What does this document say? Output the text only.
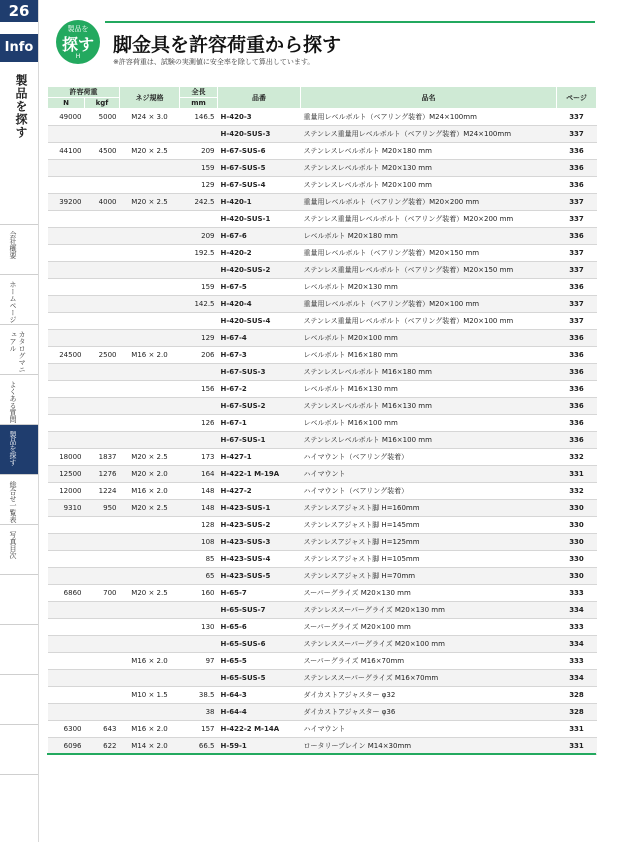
26
Info
製品を探す
会社概要
ホームページ
カタログマニュアル
よくある質問
製品を探す
総合せ一覧表
写真目次
製品を
探す
H
脚金具を許容荷重から探す
※許容荷重は、試験の実測値に安全率を除して算出しています。
許容荷重		ネジ規格	全長	品番	品名	ページ
N	kgf		mm			
49000	5000	M24 × 3.0	146.5	H-420-3	重量用レベルボルト（ベアリング装着）M24×100mm	337
				H-420-SUS-3	ステンレス重量用レベルボルト（ベアリング装着）M24×100mm	337
44100	4500	M20 × 2.5	209	H-67-SUS-6	ステンレスレベルボルト M20×180 mm	336
			159	H-67-SUS-5	ステンレスレベルボルト M20×130 mm	336
			129	H-67-SUS-4	ステンレスレベルボルト M20×100 mm	336
39200	4000	M20 × 2.5	242.5	H-420-1	重量用レベルボルト（ベアリング装着）M20×200 mm	337
				H-420-SUS-1	ステンレス重量用レベルボルト（ベアリング装着）M20×200 mm	337
			209	H-67-6	レベルボルト M20×180 mm	336
			192.5	H-420-2	重量用レベルボルト（ベアリング装着）M20×150 mm	337
				H-420-SUS-2	ステンレス重量用レベルボルト（ベアリング装着）M20×150 mm	337
			159	H-67-5	レベルボルト M20×130 mm	336
			142.5	H-420-4	重量用レベルボルト（ベアリング装着）M20×100 mm	337
				H-420-SUS-4	ステンレス重量用レベルボルト（ベアリング装着）M20×100 mm	337
			129	H-67-4	レベルボルト M20×100 mm	336
24500	2500	M16 × 2.0	206	H-67-3	レベルボルト M16×180 mm	336
				H-67-SUS-3	ステンレスレベルボルト M16×180 mm	336
			156	H-67-2	レベルボルト M16×130 mm	336
				H-67-SUS-2	ステンレスレベルボルト M16×130 mm	336
			126	H-67-1	レベルボルト M16×100 mm	336
				H-67-SUS-1	ステンレスレベルボルト M16×100 mm	336
18000	1837	M20 × 2.5	173	H-427-1	ハイマウント（ベアリング装着）	332
12500	1276	M20 × 2.0	164	H-422-1 M-19A	ハイマウント	331
12000	1224	M16 × 2.0	148	H-427-2	ハイマウント（ベアリング装着）	332
9310	950	M20 × 2.5	148	H-423-SUS-1	ステンレスアジャスト脚 H=160mm	330
			128	H-423-SUS-2	ステンレスアジャスト脚 H=145mm	330
			108	H-423-SUS-3	ステンレスアジャスト脚 H=125mm	330
			85	H-423-SUS-4	ステンレスアジャスト脚 H=105mm	330
			65	H-423-SUS-5	ステンレスアジャスト脚 H=70mm	330
6860	700	M20 × 2.5	160	H-65-7	スーパーグライズ M20×130 mm	333
				H-65-SUS-7	ステンレススーパーグライズ M20×130 mm	334
			130	H-65-6	スーパーグライズ M20×100 mm	333
				H-65-SUS-6	ステンレススーパーグライズ M20×100 mm	334
		M16 × 2.0	97	H-65-5	スーパーグライズ M16×70mm	333
				H-65-SUS-5	ステンレススーパーグライズ M16×70mm	334
		M10 × 1.5	38.5	H-64-3	ダイカストアジャスター φ32	328
			38	H-64-4	ダイカストアジャスター φ36	328
6300	643	M16 × 2.0	157	H-422-2 M-14A	ハイマウント	331
6096	622	M14 × 2.0	66.5	H-59-1	ロータリープレイン M14×30mm	331
